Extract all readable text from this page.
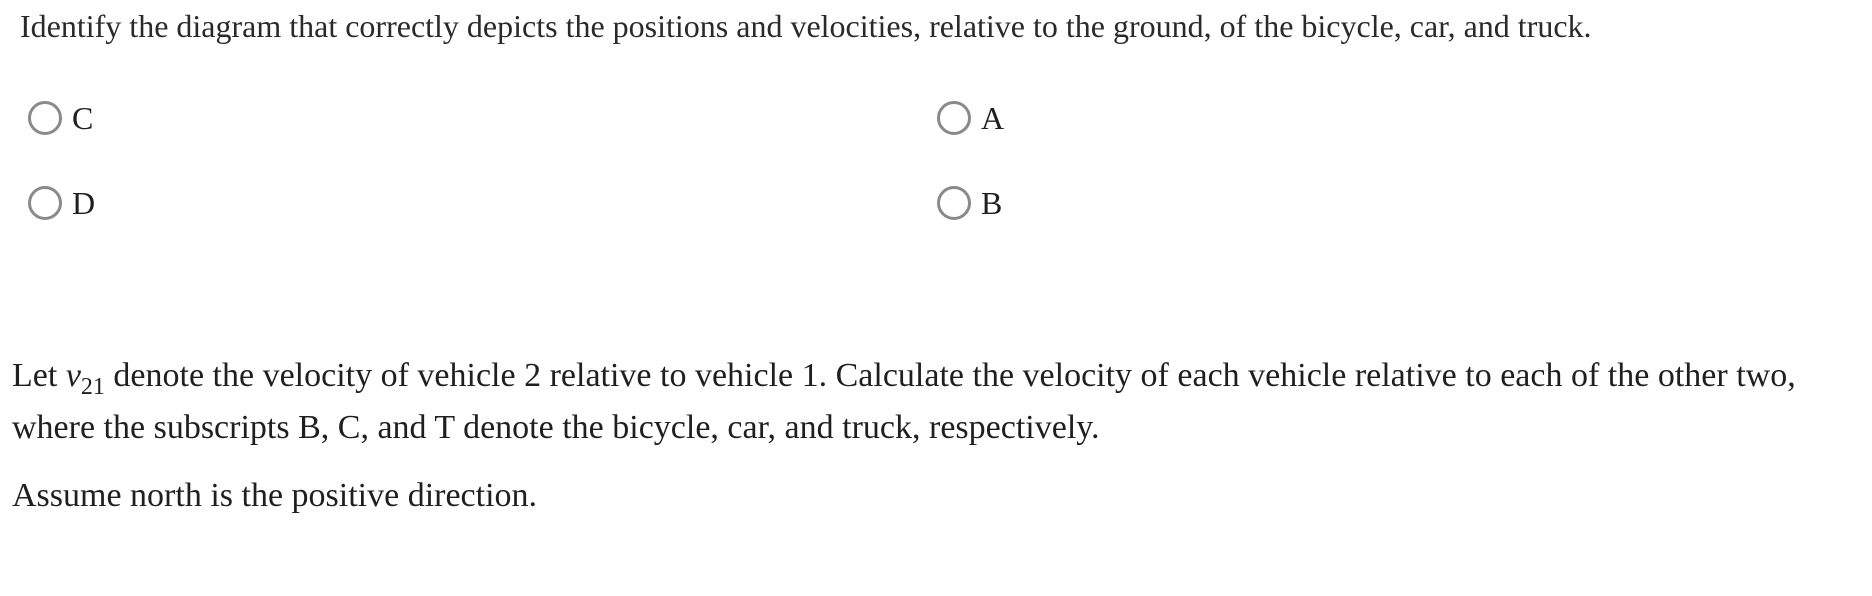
Identify the diagram that correctly depicts the positions and velocities, relative to the ground, of the bicycle, car, and truck.
C
D
A
B
Let $v_{21}$ denote the velocity of vehicle 2 relative to vehicle 1. Calculate the velocity of each vehicle relative to each of the other two, where the subscripts B, C, and T denote the bicycle, car, and truck, respectively.
Assume north is the positive direction.
